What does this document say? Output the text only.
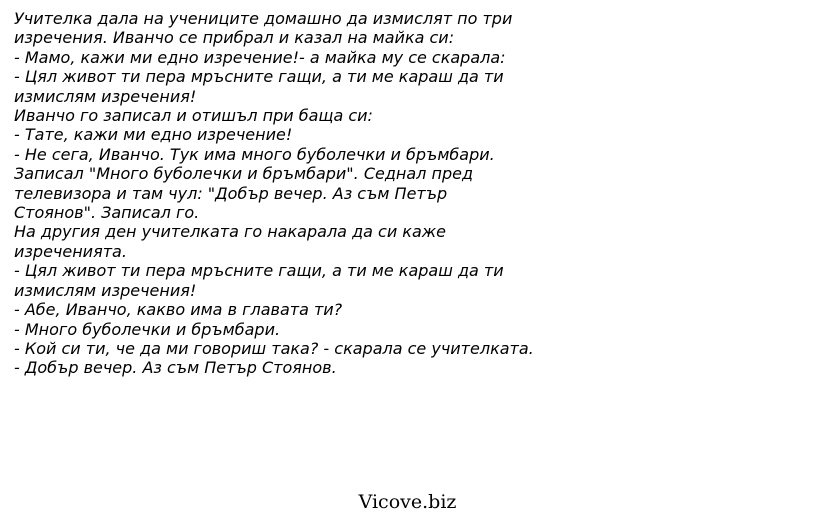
Учителка дала на учениците домашно да измислят по три
изречения. Иванчо се прибрал и казал на майка си:
- Мамо, кажи ми едно изречение!- а майка му се скарала:
- Цял живот ти пера мръсните гащи, а ти ме караш да ти
измислям изречения!
Иванчо го записал и отишъл при баща си:
- Тате, кажи ми едно изречение!
- Не сега, Иванчо. Тук има много буболечки и бръмбари.
Записал "Много буболечки и бръмбари". Седнал пред
телевизора и там чул: "Добър вечер. Аз съм Петър
Стоянов". Записал го.
На другия ден учителката го накарала да си каже
изреченията.
- Цял живот ти пера мръсните гащи, а ти ме караш да ти
измислям изречения!
- Абе, Иванчо, какво има в главата ти?
- Много буболечки и бръмбари.
- Кой си ти, че да ми говориш така? - скарала се учителката.
- Добър вечер. Аз съм Петър Стоянов.
Vicove.biz
